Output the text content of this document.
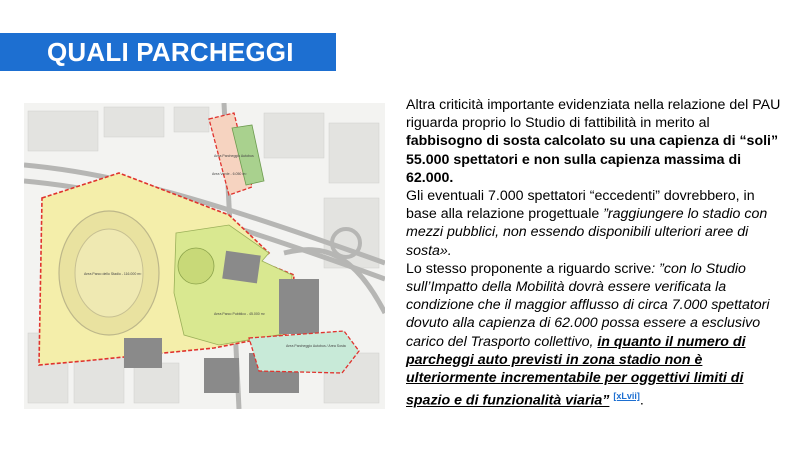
QUALI PARCHEGGI
Area Parco dello Stadio - 116.000 m²
Area Parco Pubblico - 45.000 m²
Area Parcheggio Autobus
Area Verde - 6.050 m²
Area Parcheggio Autobus / Area Sosta

Altra criticità importante evidenziata nella relazione del PAU riguarda proprio lo Studio di fattibilità in merito al fabbisogno di sosta calcolato su una capienza di “soli” 55.000 spettatori e non sulla capienza massima di 62.000.

Gli eventuali 7.000 spettatori “eccedenti” dovrebbero, in base alla relazione progettuale ”raggiungere lo stadio con mezzi pubblici, non essendo disponibili ulteriori aree di sosta».

Lo stesso proponente a riguardo scrive: ”con lo Studio sull’Impatto della Mobilità dovrà essere verificata la condizione che il maggior afflusso di circa 7.000 spettatori dovuto alla capienza di 62.000 possa essere a esclusivo carico del Trasporto collettivo, in quanto il numero di parcheggi auto previsti in zona stadio non è ulteriormente incrementabile per oggettivi limiti di spazio e di funzionalità viaria” [xLvii].
